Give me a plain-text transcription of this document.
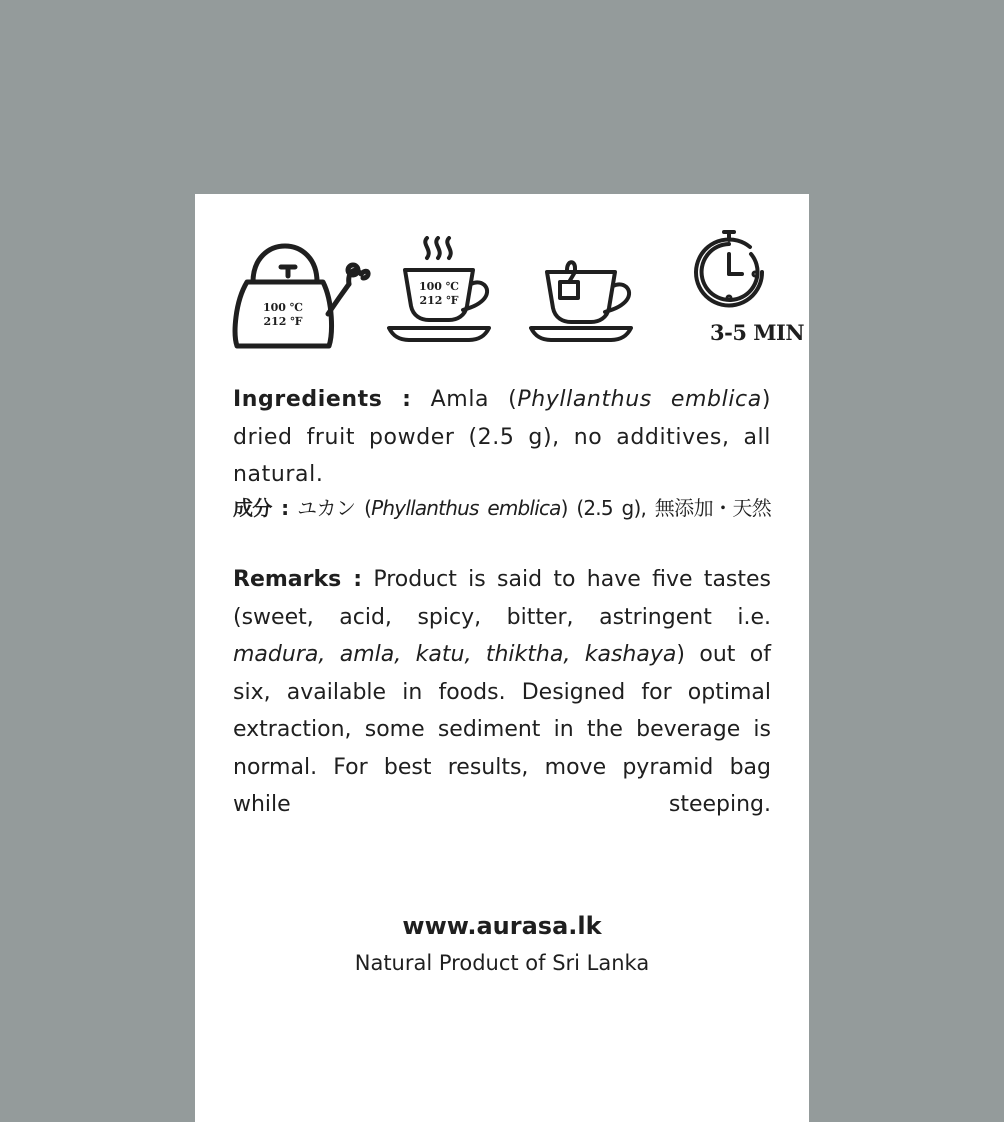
100 ℃
212 ℉
100 ℃
212 ℉
3-5 MIN

Ingredients : Amla (Phyllanthus emblica) dried fruit powder (2.5 g), no additives, all natural.

成分 : ユカン (Phyllanthus emblica) (2.5 g), 無添加・天然

Remarks : Product is said to have five tastes (sweet, acid, spicy, bitter, astringent i.e. madura, amla, katu, thiktha, kashaya) out of six, available in foods. Designed for optimal extraction, some sediment in the beverage is normal. For best results, move pyramid bag while steeping.

www.aurasa.lk
Natural Product of Sri Lanka
